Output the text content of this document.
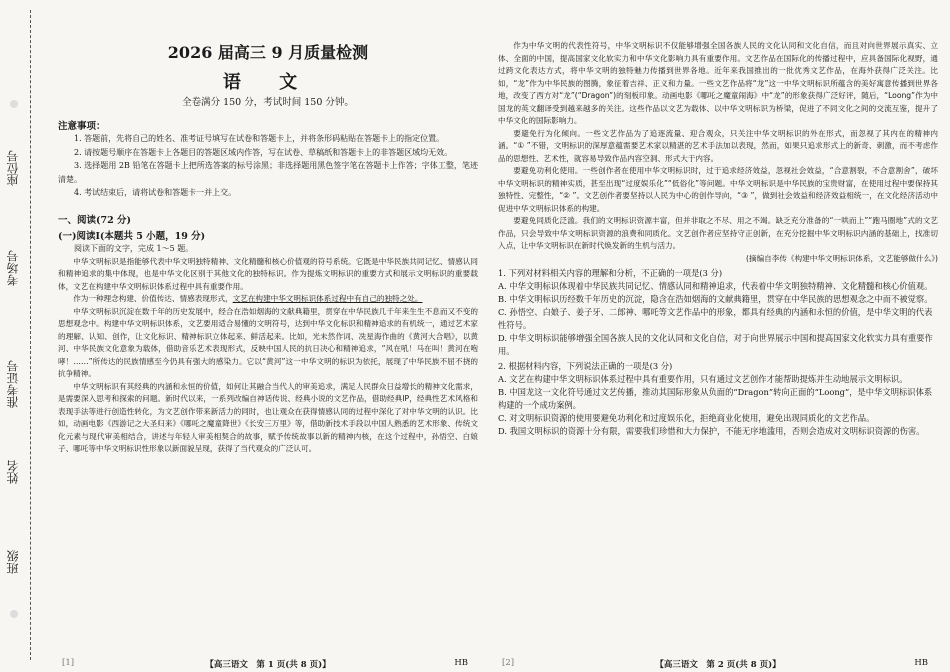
座位号
考场号
准考证号
姓名
班级
2026 届高三 9 月质量检测
语 文
全卷满分 150 分，考试时间 150 分钟。
注意事项：

1. 答题前，先将自己的姓名、准考证号填写在试卷和答题卡上，并将条形码粘贴在答题卡上的指定位置。

2. 请按题号顺序在答题卡上各题目的答题区域内作答，写在试卷、草稿纸和答题卡上的非答题区域均无效。

3. 选择题用 2B 铅笔在答题卡上把所选答案的标号涂黑；非选择题用黑色签字笔在答题卡上作答；字体工整，笔迹清楚。

4. 考试结束后，请将试卷和答题卡一并上交。

一、阅读(72 分)
(一)阅读Ⅰ(本题共 5 小题，19 分)

阅读下面的文字，完成 1～5 题。

中华文明标识是指能够代表中华文明独特精神、文化精髓和核心价值观的符号系统。它既是中华民族共同记忆、情感认同和精神追求的集中体现，也是中华文化区别于其他文化的独特标识。作为提炼文明标识的重要方式和展示文明标识的重要载体，文艺在构建中华文明标识体系过程中具有重要作用。

作为一种理念构建、价值传达、情感表现形式，文艺在构建中华文明标识体系过程中有自己的独特之处。

中华文明标识沉淀在数千年的历史发展中，经合在浩如烟海的文献典籍里，贯穿在中华民族几千年来生生不息而又不变的思想观念中。构建中华文明标识体系，文艺要用适合易懂的文明符号，达到中华文化标识和精神追求的有机统一，通过艺术家的理解、认知、创作，让文化标识、精神标识立体起来、鲜活起来。比如，光未然作词、冼星海作曲的《黄河大合唱》，以黄河、中华民族文化意象为载体，借助音乐艺术表现形式，反映中国人民的抗日决心和精神追求，“风在吼！马在叫！黄河在咆哮！……”所传达的民族情感至今仍具有强大的感染力。它以“黄河”这一中华文明的标识为依托，展现了中华民族不屈不挠的抗争精神。

中华文明标识有其经典的内涵和永恒的价值，如何让其融合当代人的审美追求，满足人民群众日益增长的精神文化需求，是需要深入思考和探索的问题。新时代以来，一系列改编自神话传说、经典小说的文艺作品，借助经典IP，经典性艺术风格和表现手法等进行创造性转化，为文艺创作带来新活力的同时，也让观众在获得情感认同的过程中深化了对中华文明的认识。比如，动画电影《西游记之大圣归来》《哪吒之魔童降世》《长安三万里》等，借助新技术手段以中国人熟悉的艺术形象、传统文化元素与现代审美相结合，讲述与年轻人审美相契合的故事，赋予传统故事以新的精神内核，在这个过程中，孙悟空、白娘子、哪吒等中华文明标识性形象以新面貌呈现，获得了当代观众的广泛认可。

[1]	【高三语文　第 1 页(共 8 页)】	HB

作为中华文明的代表性符号，中华文明标识不仅能够增强全国各族人民的文化认同和文化自信，而且对向世界展示真实、立体、全面的中国，提高国家文化软实力和中华文化影响力具有重要作用。文艺作品在国际化的传播过程中，应具备国际化视野，通过跨文化表达方式，将中华文明的独特魅力传播到世界各地。近年来我国推出的一批优秀文艺作品，在海外获得广泛关注。比如，“龙”作为中华民族的图腾，象征着吉祥、正义和力量。一些文艺作品将“龙”这一中华文明标识所蕴含的美好寓意传播到世界各地，改变了西方对“龙”(“Dragon”)的刻板印象。动画电影《哪吒之魔童闹海》中“龙”的形象获得广泛好评，随后，“Loong”作为中国龙的英文翻译受到越来越多的关注。这些作品以文艺为载体、以中华文明标识为桥梁，促进了不同文化之间的交流互鉴，提升了中华文化的国际影响力。

要避免行为化倾向。一些文艺作品为了追逐流量、迎合观众，只关注中华文明标识的外在形式，而忽视了其内在的精神内涵。“① ”不错，文明标识的深厚意蕴需要艺术家以精湛的艺术手法加以表现，然而，如果只追求形式上的新奇、刺激，而不考虑作品的思想性、艺术性，就容易导致作品内容空洞、形式大于内容。

要避免功利化使用。一些创作者在使用中华文明标识时，过于追求经济效益，忽视社会效益，“合意割裂，不合意割舍”，破坏中华文明标识的精神实质，甚至出现“过度娱乐化”“低俗化”等问题。中华文明标识是中华民族的宝贵财富，在使用过程中要保持其独特性、完整性，“② ”。文艺创作者要坚持以人民为中心的创作导向，“③ ”，做到社会效益和经济效益相统一，在文化经济活动中促进中华文明标识体系的构建。

要避免同质化泛滥。我们的文明标识资源丰富，但并非取之不尽、用之不竭。缺乏充分准备的“一哄而上”“跑马圈地”式的文艺作品，只会导致中华文明标识资源的浪费和同质化。文艺创作者应坚持守正创新，在充分挖掘中华文明标识内涵的基础上，找准切入点，让中华文明标识在新时代焕发新的生机与活力。

(摘编自李传《构建中华文明标识体系，文艺能够做什么》)

1. 下列对材料相关内容的理解和分析，不正确的一项是(3 分)

A. 中华文明标识体现着中华民族共同记忆、情感认同和精神追求，代表着中华文明独特精神、文化精髓和核心价值观。

B. 中华文明标识历经数千年历史的沉淀，隐含在浩如烟海的文献典籍里，贯穿在中华民族的思想观念之中而不被觉察。

C. 孙悟空、白娘子、姜子牙、二郎神、哪吒等文艺作品中的形象，都具有经典的内涵和永恒的价值，是中华文明的代表性符号。

D. 中华文明标识能够增强全国各族人民的文化认同和文化自信，对于向世界展示中国和提高国家文化软实力具有重要作用。

2. 根据材料内容，下列说法正确的一项是(3 分)

A. 文艺在构建中华文明标识体系过程中具有重要作用，只有通过文艺创作才能帮助提炼并生动地展示文明标识。

B. 中国龙这一文化符号通过文艺传播，推动其国际形象从负面的“Dragon”转向正面的“Loong”，是中华文明标识体系构建的一个成功案例。

C. 对文明标识资源的使用要避免功利化和过度娱乐化，拒绝商业化使用，避免出现同质化的文艺作品。

D. 我国文明标识的资源十分有限，需要我们珍惜和大力保护，不能无序地滥用，否则会造成对文明标识资源的伤害。

[2]	【高三语文　第 2 页(共 8 页)】	HB
